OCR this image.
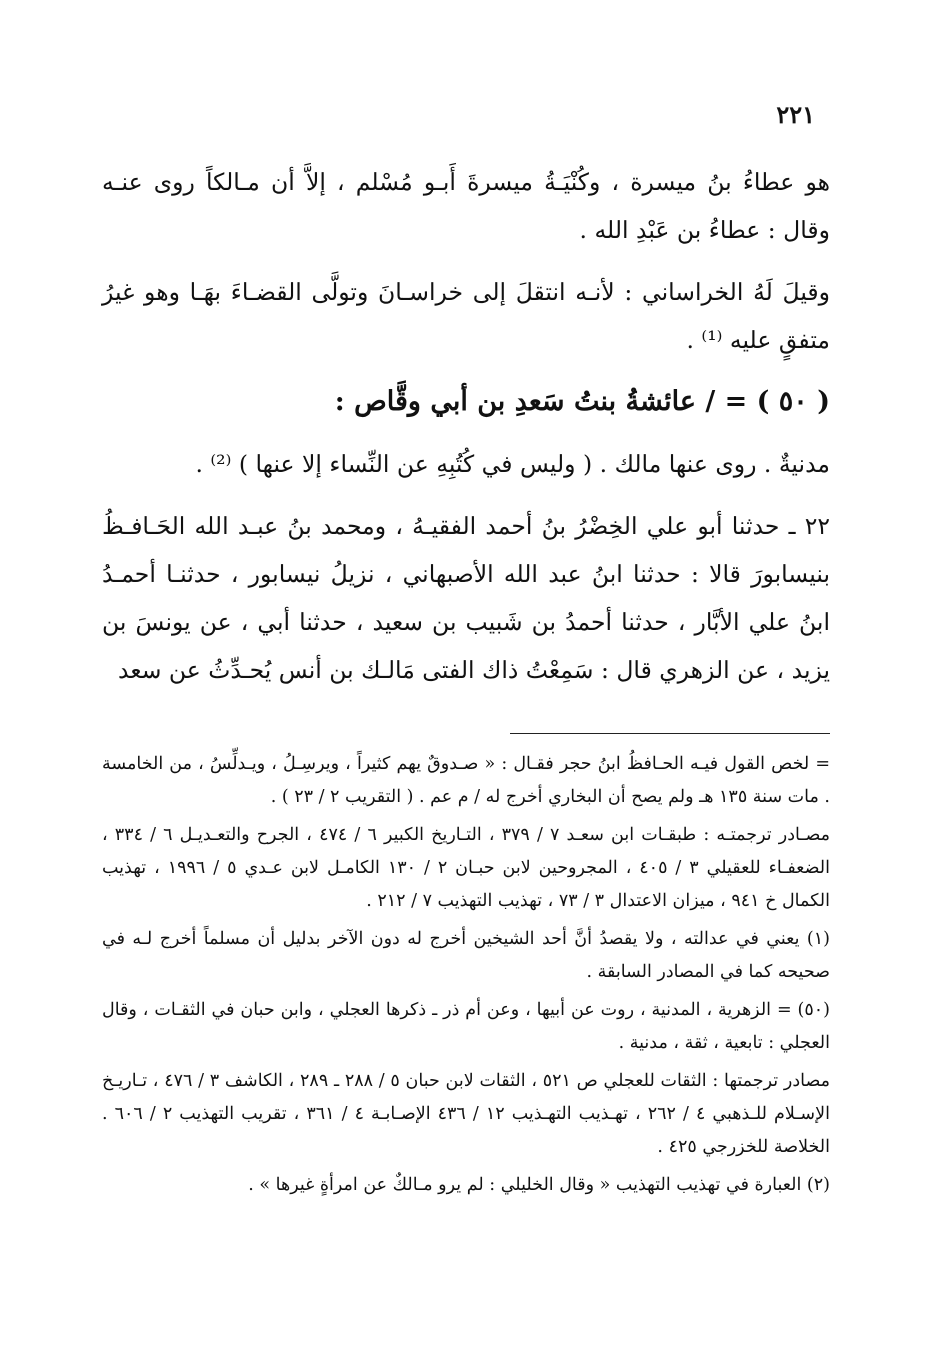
٢٢١

هو عطاءُ بنُ ميسرة ، وكُنْيَـةُ ميسرةَ أَبـو مُسْلم ، إلاَّ أن مـالكاً روى عنـه وقال : عطاءُ بن عَبْدِ الله .

وقيلَ لَهُ الخراساني : لأنـه انتقلَ إلى خراسـانَ وتولَّى القضـاءَ بهَـا وهو غيرُ متفقٍ عليه ⁽¹⁾ .

( ٥٠ ) = / عائشةُ بنتُ سَعدِ بن أبي وقَّاص :

مدنيةٌ . روى عنها مالك . ( وليس في كُتُبِهِ عن النِّساء إلا عنها ) ⁽²⁾ .

٢٢ ـ حدثنا أبو علي الخِضْرُ بنُ أحمد الفقيـهُ ، ومحمد بنُ عبـد الله الحَـافـظُ بنيسابورَ قالا : حدثنا ابنُ عبد الله الأصبهاني ، نزيلُ نيسابور ، حدثنـا أحمـدُ ابنُ علي الأبَّار ، حدثنا أحمدُ بن شَبيب بن سعيد ، حدثنا أبي ، عن يونسَ بن يزيد ، عن الزهري قال : سَمِعْتُ ذاك الفتى مَالـك بن أنس يُحـدِّثُ عن سعد

= لخص القول فيـه الحـافظُ ابنُ حجر فقـال : « صـدوقٌ يهم كثيراً ، ويرسِـلُ ، ويـدلِّسُ ، من الخامسة . مات سنة ١٣٥ هـ ولم يصح أن البخاري أخرج له / م عم . ( التقريب ٢ / ٢٣ ) .

مصـادر ترجمتـه : طبقـات ابن سعـد ٧ / ٣٧٩ ، التـاريخ الكبير ٦ / ٤٧٤ ، الجرح والتعـديـل ٦ / ٣٣٤ ، الضعفـاء للعقيلي ٣ / ٤٠٥ ، المجروحين لابن حبـان ٢ / ١٣٠ الكامـل لابن عـدي ٥ / ١٩٩٦ ، تهذيب الكمال خ ٩٤١ ، ميزان الاعتدال ٣ / ٧٣ ، تهذيب التهذيب ٧ / ٢١٢ .

(١) يعني في عدالته ، ولا يقصدُ أنَّ أحد الشيخين أخرج له دون الآخر بدليل أن مسلماً أخرج لـه في صحيحه كما في المصادر السابقة .

(٥٠) = الزهرية ، المدنية ، روت عن أبيها ، وعن أم ذر ـ ذكرها العجلي ، وابن حبان في الثقـات ، وقال العجلي : تابعية ، ثقة ، مدنية .

مصادر ترجمتها : الثقات للعجلي ص ٥٢١ ، الثقات لابن حبان ٥ / ٢٨٨ ـ ٢٨٩ ، الكاشف ٣ / ٤٧٦ ، تـاريـخ الإسـلام للـذهبي ٤ / ٢٦٢ ، تهـذيب التهـذيب ١٢ / ٤٣٦ الإصـابـة ٤ / ٣٦١ ، تقريب التهذيب ٢ / ٦٠٦ . الخلاصة للخزرجي ٤٢٥ .

(٢) العبارة في تهذيب التهذيب « وقال الخليلي : لم يرو مـالكٌ عن امرأةٍ غيرها » .
